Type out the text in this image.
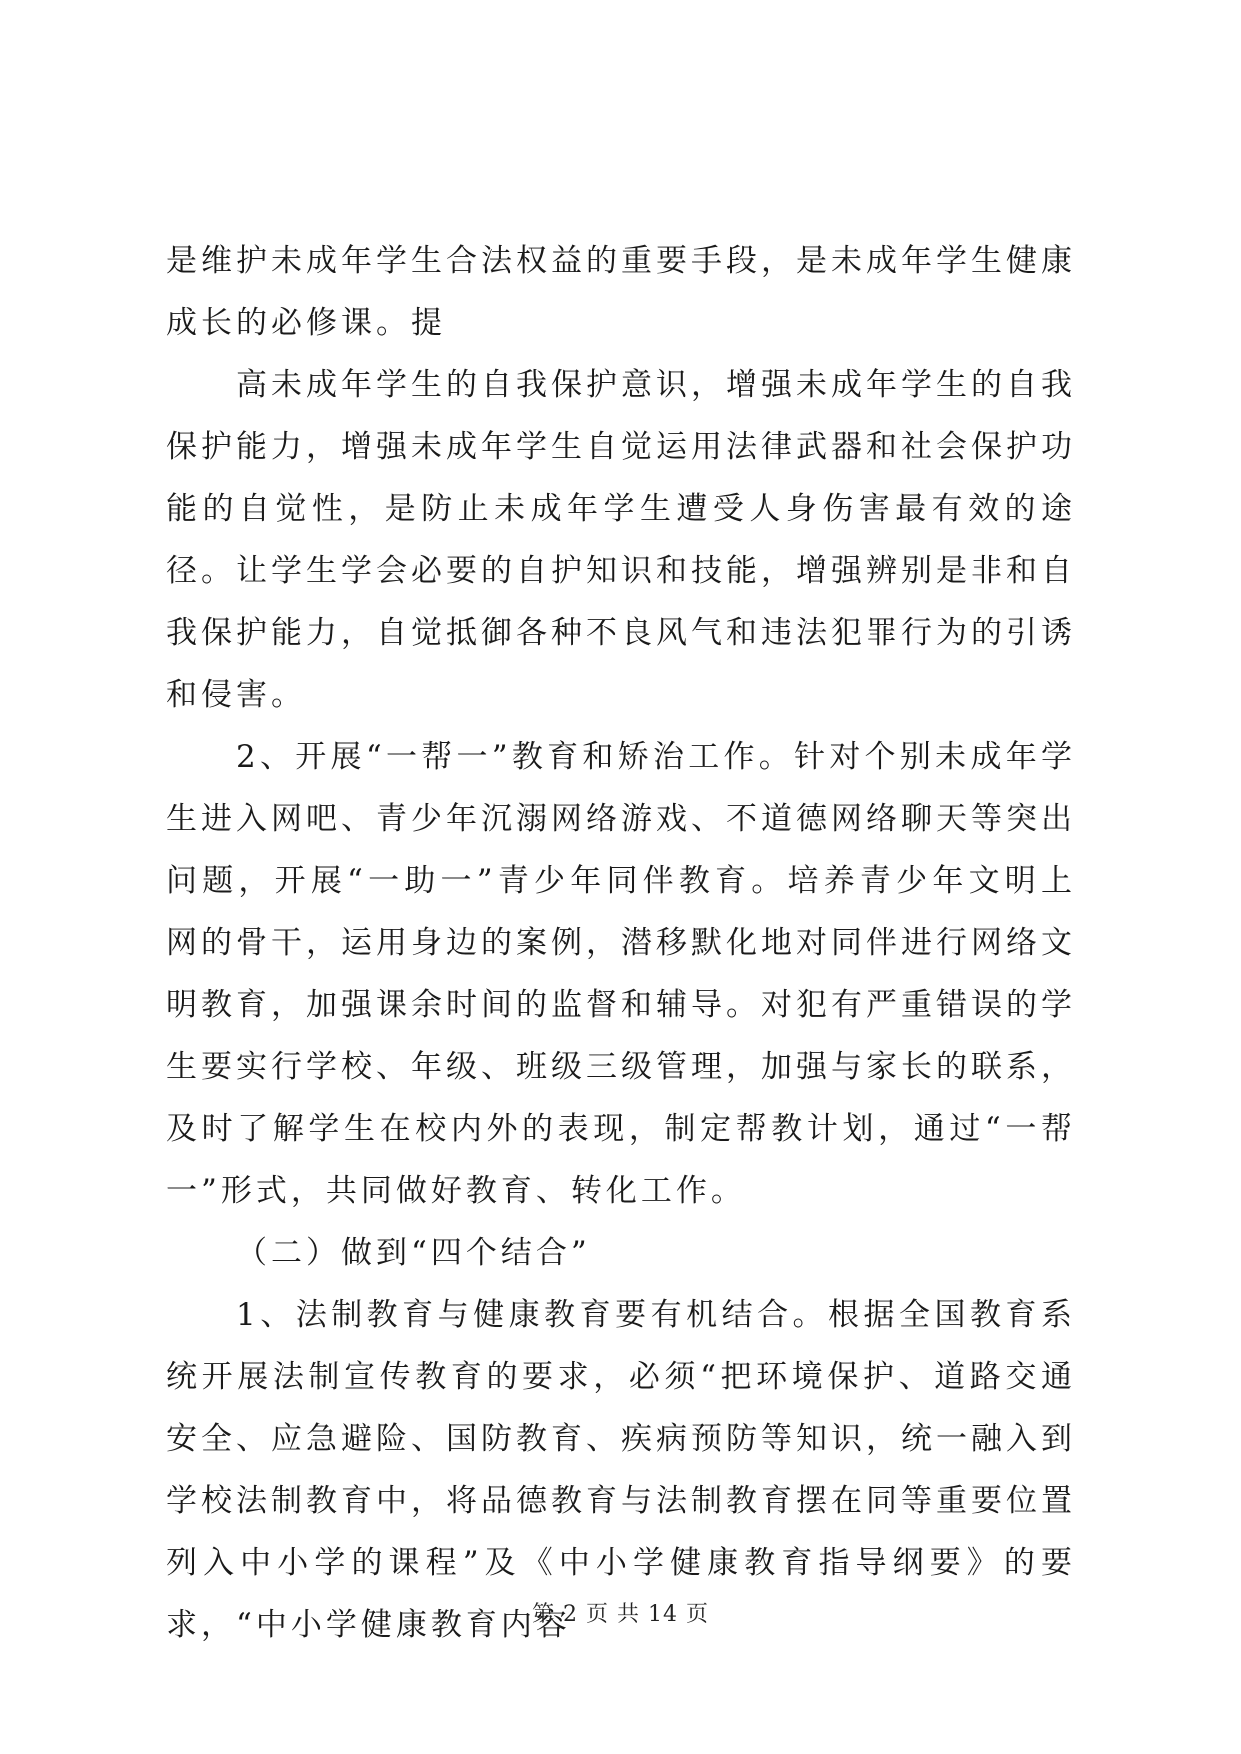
是维护未成年学生合法权益的重要手段，是未成年学生健康成长的必修课。提

高未成年学生的自我保护意识，增强未成年学生的自我保护能力，增强未成年学生自觉运用法律武器和社会保护功能的自觉性，是防止未成年学生遭受人身伤害最有效的途径。让学生学会必要的自护知识和技能，增强辨别是非和自我保护能力，自觉抵御各种不良风气和违法犯罪行为的引诱和侵害。

2、开展“一帮一”教育和矫治工作。针对个别未成年学生进入网吧、青少年沉溺网络游戏、不道德网络聊天等突出问题，开展“一助一”青少年同伴教育。培养青少年文明上网的骨干，运用身边的案例，潜移默化地对同伴进行网络文明教育，加强课余时间的监督和辅导。对犯有严重错误的学生要实行学校、年级、班级三级管理，加强与家长的联系，及时了解学生在校内外的表现，制定帮教计划，通过“一帮一”形式，共同做好教育、转化工作。

（二）做到“四个结合”

1、法制教育与健康教育要有机结合。根据全国教育系统开展法制宣传教育的要求，必须“把环境保护、道路交通安全、应急避险、国防教育、疾病预防等知识，统一融入到学校法制教育中，将品德教育与法制教育摆在同等重要位置列入中小学的课程”及《中小学健康教育指导纲要》的要求，“中小学健康教育内容

第 2 页 共 14 页
